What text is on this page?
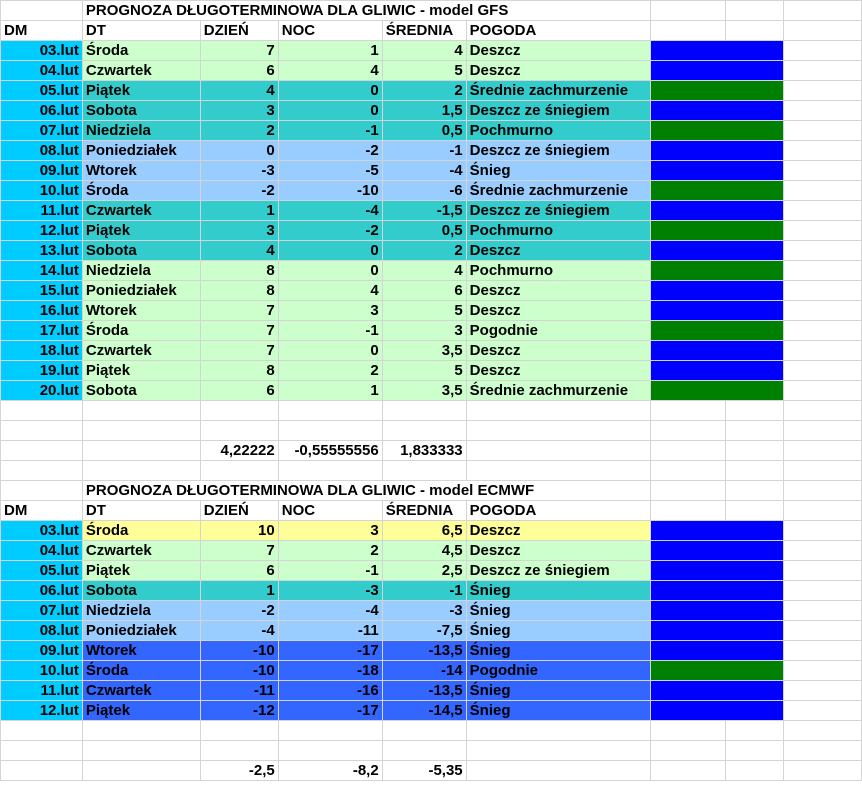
	PROGNOZA DŁUGOTERMINOWA DLA GLIWIC - model GFS							
DM	DT	DZIEŃ	NOC	ŚREDNIA	POGODA			
03.lut	Środa	7	1	4	Deszcz			
04.lut	Czwartek	6	4	5	Deszcz			
05.lut	Piątek	4	0	2	Średnie zachmurzenie			
06.lut	Sobota	3	0	1,5	Deszcz ze śniegiem			
07.lut	Niedziela	2	-1	0,5	Pochmurno			
08.lut	Poniedziałek	0	-2	-1	Deszcz ze śniegiem			
09.lut	Wtorek	-3	-5	-4	Śnieg			
10.lut	Środa	-2	-10	-6	Średnie zachmurzenie			
11.lut	Czwartek	1	-4	-1,5	Deszcz ze śniegiem			
12.lut	Piątek	3	-2	0,5	Pochmurno			
13.lut	Sobota	4	0	2	Deszcz			
14.lut	Niedziela	8	0	4	Pochmurno			
15.lut	Poniedziałek	8	4	6	Deszcz			
16.lut	Wtorek	7	3	5	Deszcz			
17.lut	Środa	7	-1	3	Pogodnie			
18.lut	Czwartek	7	0	3,5	Deszcz			
19.lut	Piątek	8	2	5	Deszcz			
20.lut	Sobota	6	1	3,5	Średnie zachmurzenie			

		4,22222	-0,55555556	1,833333				

	PROGNOZA DŁUGOTERMINOWA DLA GLIWIC - model ECMWF							
DM	DT	DZIEŃ	NOC	ŚREDNIA	POGODA			
03.lut	Środa	10	3	6,5	Deszcz			
04.lut	Czwartek	7	2	4,5	Deszcz			
05.lut	Piątek	6	-1	2,5	Deszcz ze śniegiem			
06.lut	Sobota	1	-3	-1	Śnieg			
07.lut	Niedziela	-2	-4	-3	Śnieg			
08.lut	Poniedziałek	-4	-11	-7,5	Śnieg			
09.lut	Wtorek	-10	-17	-13,5	Śnieg			
10.lut	Środa	-10	-18	-14	Pogodnie			
11.lut	Czwartek	-11	-16	-13,5	Śnieg			
12.lut	Piątek	-12	-17	-14,5	Śnieg			

		-2,5	-8,2	-5,35				
